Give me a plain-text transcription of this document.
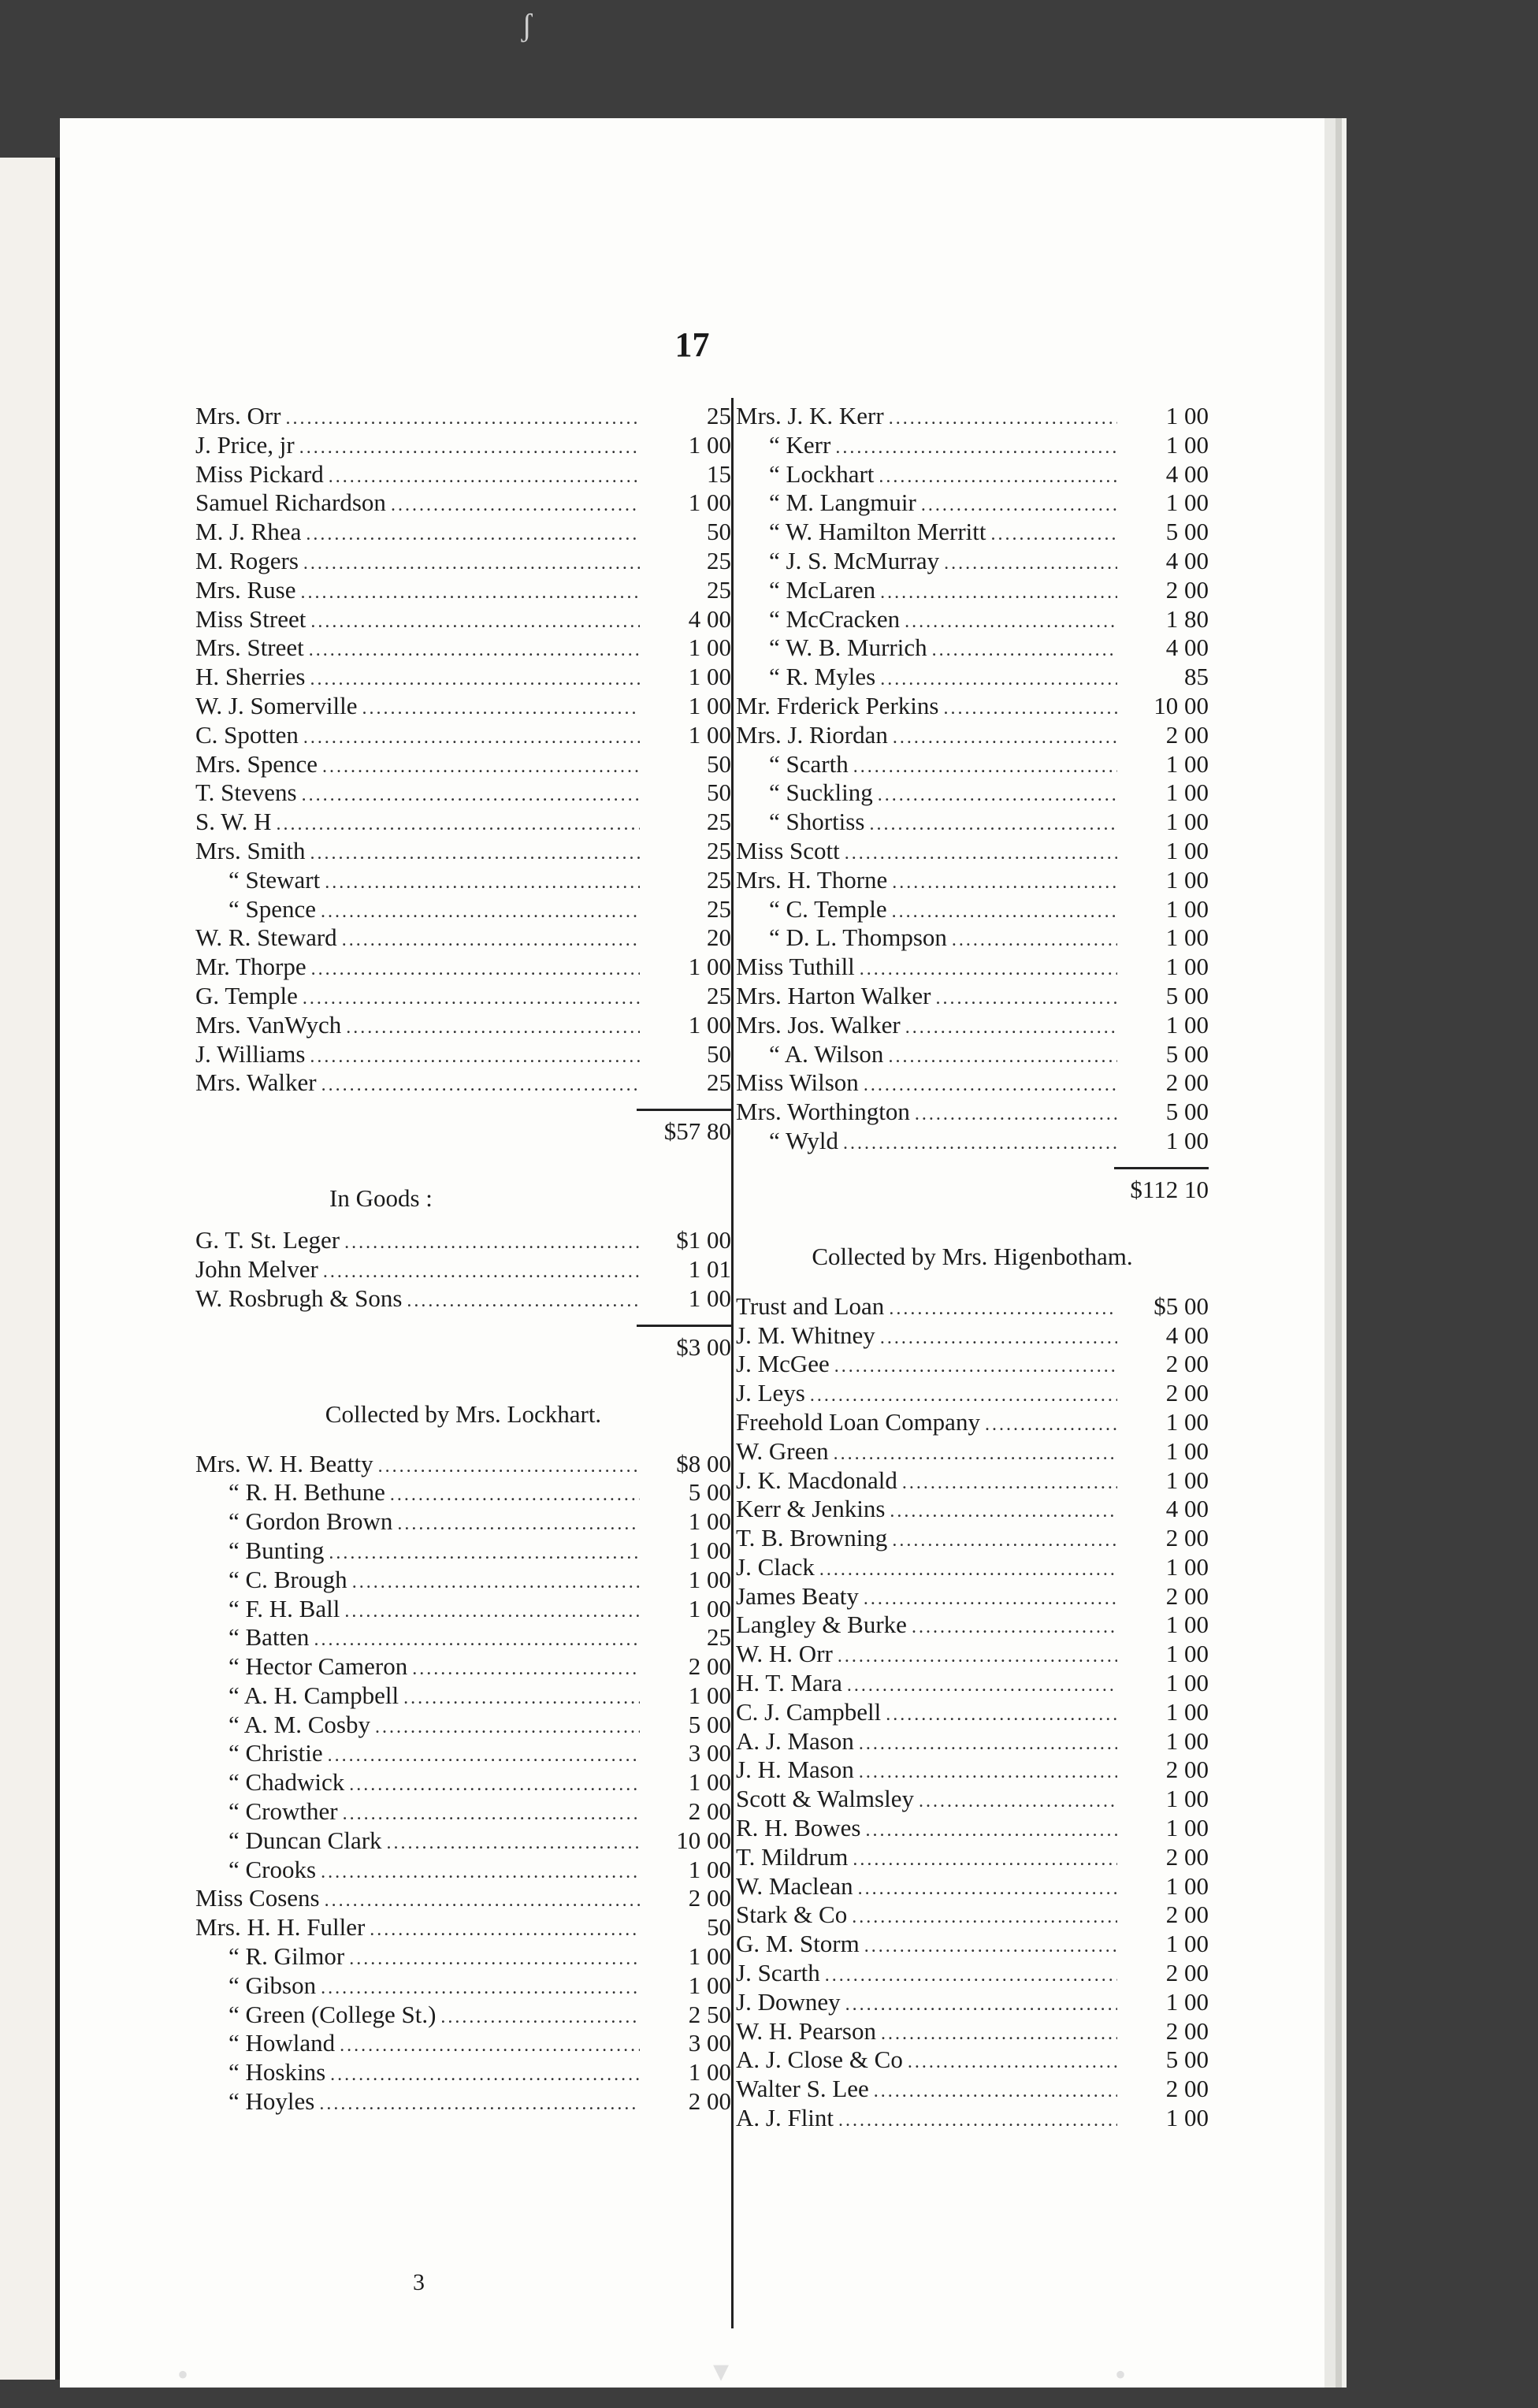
ʃ
17
Mrs. Orr .....	25
J. Price, jr .....	1 00
Miss Pickard .....	15
Samuel Richardson .....	1 00
M. J. Rhea .....	50
M. Rogers .....	25
Mrs. Ruse .....	25
Miss Street .....	4 00
Mrs. Street .....	1 00
H. Sherries .....	1 00
W. J. Somerville .....	1 00
C. Spotten .....	1 00
Mrs. Spence .....	50
T. Stevens .....	50
S. W. H .....	25
Mrs. Smith .....	25
“ Stewart .....	25
“ Spence .....	25
W. R. Steward .....	20
Mr. Thorpe .....	1 00
G. Temple .....	25
Mrs. VanWych .....	1 00
J. Williams .....	50
Mrs. Walker .....	25
$57 80
In Goods :
G. T. St. Leger .....	$1 00
John Melver .....	1 01
W. Rosbrugh & Sons .....	1 00
$3 00
Collected by Mrs. Lockhart.
Mrs. W. H. Beatty .....	$8 00
“ R. H. Bethune .....	5 00
“ Gordon Brown .....	1 00
“ Bunting .....	1 00
“ C. Brough .....	1 00
“ F. H. Ball .....	1 00
“ Batten .....	25
“ Hector Cameron .....	2 00
“ A. H. Campbell .....	1 00
“ A. M. Cosby .....	5 00
“ Christie .....	3 00
“ Chadwick .....	1 00
“ Crowther .....	2 00
“ Duncan Clark .....	10 00
“ Crooks .....	1 00
Miss Cosens .....	2 00
Mrs. H. H. Fuller .....	50
“ R. Gilmor .....	1 00
“ Gibson .....	1 00
“ Green (College St.) .....	2 50
“ Howland .....	3 00
“ Hoskins .....	1 00
“ Hoyles .....	2 00
Mrs. J. K. Kerr .....	1 00
“ Kerr .....	1 00
“ Lockhart .....	4 00
“ M. Langmuir .....	1 00
“ W. Hamilton Merritt .....	5 00
“ J. S. McMurray .....	4 00
“ McLaren .....	2 00
“ McCracken .....	1 80
“ W. B. Murrich .....	4 00
“ R. Myles .....	85
Mr. Frderick Perkins .....	10 00
Mrs. J. Riordan .....	2 00
“ Scarth .....	1 00
“ Suckling .....	1 00
“ Shortiss .....	1 00
Miss Scott .....	1 00
Mrs. H. Thorne .....	1 00
“ C. Temple .....	1 00
“ D. L. Thompson .....	1 00
Miss Tuthill .....	1 00
Mrs. Harton Walker .....	5 00
Mrs. Jos. Walker .....	1 00
“ A. Wilson .....	5 00
Miss Wilson .....	2 00
Mrs. Worthington .....	5 00
“ Wyld .....	1 00
$112 10
Collected by Mrs. Higenbotham.
Trust and Loan .....	$5 00
J. M. Whitney .....	4 00
J. McGee .....	2 00
J. Leys .....	2 00
Freehold Loan Company .....	1 00
W. Green .....	1 00
J. K. Macdonald .....	1 00
Kerr & Jenkins .....	4 00
T. B. Browning .....	2 00
J. Clack .....	1 00
James Beaty .....	2 00
Langley & Burke .....	1 00
W. H. Orr .....	1 00
H. T. Mara .....	1 00
C. J. Campbell .....	1 00
A. J. Mason .....	1 00
J. H. Mason .....	2 00
Scott & Walmsley .....	1 00
R. H. Bowes .....	1 00
T. Mildrum .....	2 00
W. Maclean .....	1 00
Stark & Co .....	2 00
G. M. Storm .....	1 00
J. Scarth .....	2 00
J. Downey .....	1 00
W. H. Pearson .....	2 00
A. J. Close & Co .....	5 00
Walter S. Lee .....	2 00
A. J. Flint .....	1 00
3
•	▾	•
